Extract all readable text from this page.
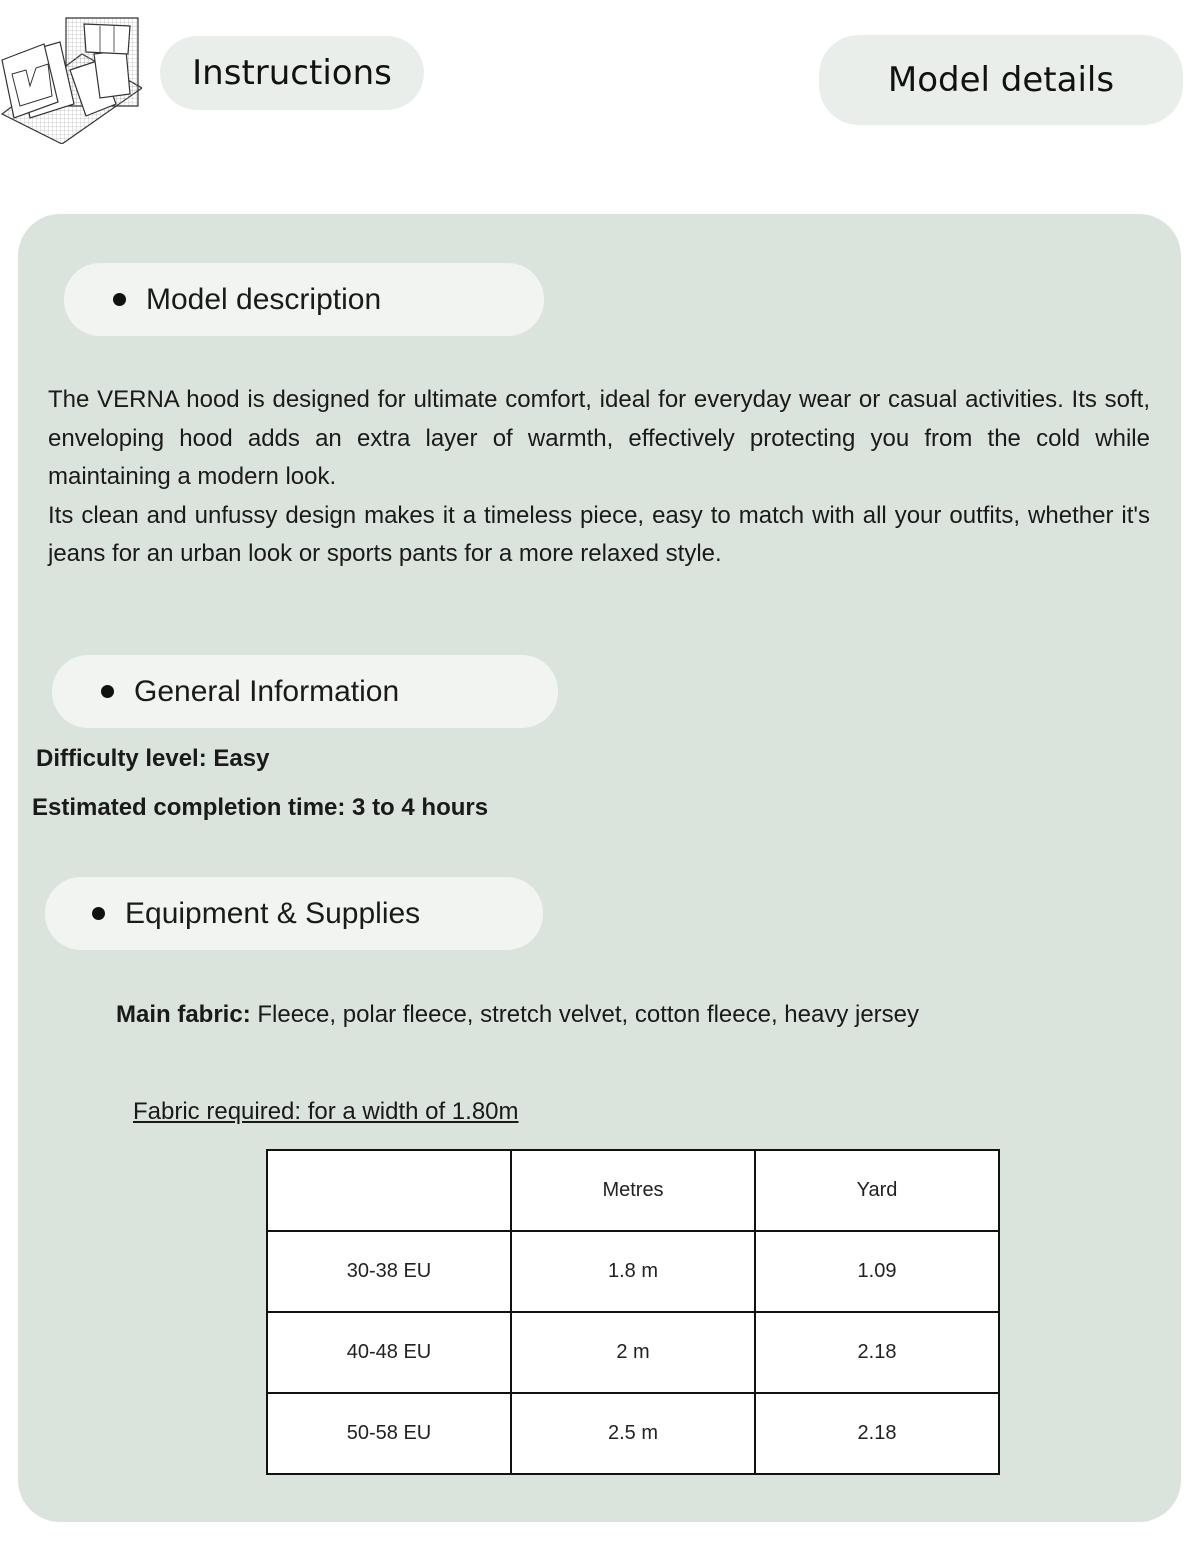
Instructions	Model details
Model description

The VERNA hood is designed for ultimate comfort, ideal for everyday wear or casual activities. Its soft, enveloping hood adds an extra layer of warmth, effectively protecting you from the cold while maintaining a modern look.

Its clean and unfussy design makes it a timeless piece, easy to match with all your outfits, whether it's jeans for an urban look or sports pants for a more relaxed style.

General Information
Difficulty level: Easy
Estimated completion time: 3 to 4 hours
Equipment & Supplies
Main fabric: Fleece, polar fleece, stretch velvet, cotton fleece, heavy jersey
Fabric required: for a width of 1.80m
	Metres	Yard
30-38 EU	1.8 m	1.09
40-48 EU	2 m	2.18
50-58 EU	2.5 m	2.18
